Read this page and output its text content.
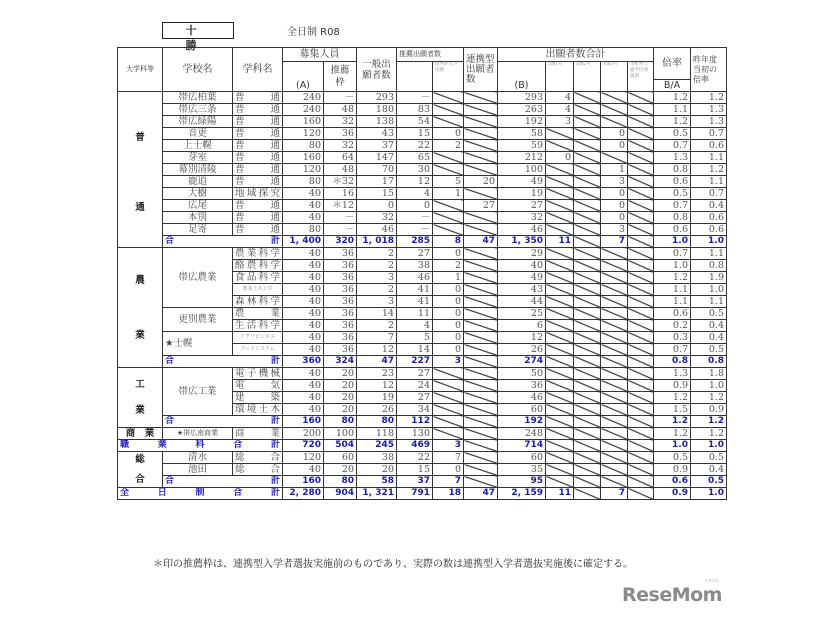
十　勝
全日制 R08
大学科等	学校名	学科名	募集人員		一般出願者数	推薦出願者数		連携型出願者数	出願者数合計					倍率	昨年度当初の倍率
			(A)	推薦枠			道外からの出願		(B)	3条1号	3条2号	3条3号	市町村立通学区域規則		
														B/A	

普
通	帯広柏葉	普　　通	240	－	293	－			293	4				1.2	1.2
	帯広三条	普　　通	240	48	180	83			263	4				1.1	1.3
	帯広緑陽	普　　通	160	32	138	54			192	3				1.2	1.3
	音更	普　　通	120	36	43	15	0		58			0		0.5	0.7
	上士幌	普　　通	80	32	37	22	2		59			0		0.7	0.6
	芽室	普　　通	160	64	147	65			212	0				1.3	1.1
	幕別清陵	普　　通	120	48	70	30			100			1		0.8	1.2
	鹿追	普　　通	80	＊32	17	12	5	20	49			3		0.6	1.1
	大樹	地域探究	40	16	15	4	1		19			0		0.5	0.7
	広尾	普　　通	40	＊12	0	0		27	27			0		0.7	0.4
	本別	普　　通	40	－	32	－			32			0		0.8	0.6
	足寄	普　　通	80	－	46	－			46			3		0.6	0.6

	合 計		1, 400	320	1, 018	285	8	47	1, 350	11		7		1.0	1.0

農
業	帯広農業	農業科学	40	36	2	27	0		29					0.7	1.1
		酪農科学	40	36	2	38	2		40					1.0	0.8
		食品科学	40	36	3	46	1		49					1.2	1.9
		農業土木工学	40	36	2	41	0		43					1.1	1.0
		森林科学	40	36	3	41	0		44					1.1	1.1
	更別農業	農　　業	40	36	14	11	0		25					0.6	0.5
		生活科学	40	36	2	4	0		6					0.2	0.4
	★士幌	アグリビジネス	40	36	7	5	0		12					0.3	0.4
		フードシステム	40	36	12	14	0		26					0.7	0.5

	合 計		360	324	47	227	3		274					0.8	0.8

工
業	帯広工業	電子機械	40	20	23	27			50					1.3	1.8
		電　　気	40	20	12	24			36					0.9	1.0
		建　　築	40	20	19	27			46					1.2	1.2
		環境土木	40	20	26	34			60					1.5	0.9

	合 計		160	80	80	112			192					1.2	1.2
商　業	★帯広南商業	商　　業	200	100	118	130			248					1.2	1.2

職 業 科 合 計			720	504	245	469	3		714					1.0	1.0

総
合	清水	総　　合	120	60	38	22	7		60					0.5	0.5
	池田	総　　合	40	20	20	15	0		35					0.9	0.4

	合 計		160	80	58	37	7		95					0.6	0.5

全 日 制 合 計			2, 280	904	1, 321	791	18	47	2, 159	11		7		0.9	1.0
＊印の推薦枠は、連携型入学者選抜実施前のものであり、実際の数は連携型入学者選抜実施後に確定する。
ReseMom
リセマム
